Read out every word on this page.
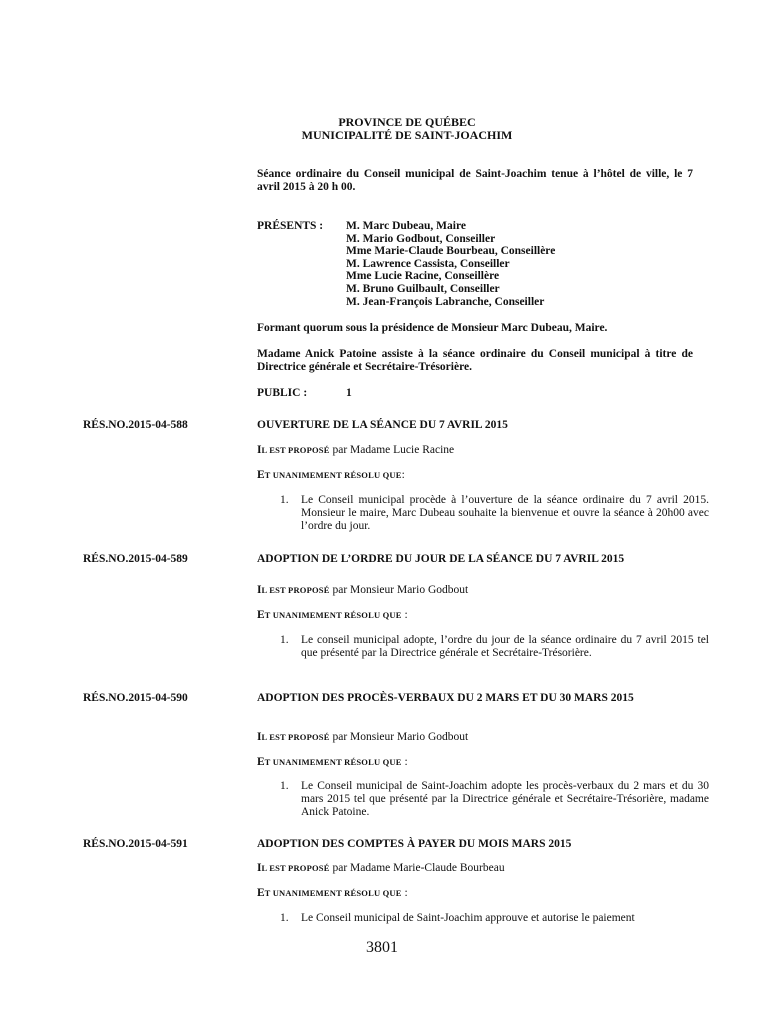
PROVINCE DE QUÉBEC
MUNICIPALITÉ DE SAINT-JOACHIM
Séance ordinaire du Conseil municipal de Saint-Joachim tenue à l’hôtel de ville, le 7 avril 2015 à 20 h 00.
PRÉSENTS : M. Marc Dubeau, Maire
M. Mario Godbout, Conseiller
Mme Marie-Claude Bourbeau, Conseillère
M. Lawrence Cassista, Conseiller
Mme Lucie Racine, Conseillère
M. Bruno Guilbault, Conseiller
M. Jean-François Labranche, Conseiller
Formant quorum sous la présidence de Monsieur Marc Dubeau, Maire.
Madame Anick Patoine assiste à la séance ordinaire du Conseil municipal à titre de Directrice générale et Secrétaire-Trésorière.
PUBLIC :	1
RÉS.NO.2015-04-588	OUVERTURE DE LA SÉANCE DU 7 AVRIL 2015
IL EST PROPOSÉ par Madame Lucie Racine
ET UNANIMEMENT RÉSOLU QUE:
1. Le Conseil municipal procède à l’ouverture de la séance ordinaire du 7 avril 2015. Monsieur le maire, Marc Dubeau souhaite la bienvenue et ouvre la séance à 20h00 avec l’ordre du jour.
RÉS.NO.2015-04-589	ADOPTION DE L’ORDRE DU JOUR DE LA SÉANCE DU 7 AVRIL 2015
IL EST PROPOSÉ par Monsieur Mario Godbout
ET UNANIMEMENT RÉSOLU QUE :
1. Le conseil municipal adopte, l’ordre du jour de la séance ordinaire du 7 avril 2015 tel que présenté par la Directrice générale et Secrétaire-Trésorière.
RÉS.NO.2015-04-590	ADOPTION DES PROCÈS-VERBAUX DU 2 MARS ET DU 30 MARS 2015
IL EST PROPOSÉ par Monsieur Mario Godbout
ET UNANIMEMENT RÉSOLU QUE :
1. Le Conseil municipal de Saint-Joachim adopte les procès-verbaux du 2 mars et du 30 mars 2015 tel que présenté par la Directrice générale et Secrétaire-Trésorière, madame Anick Patoine.
RÉS.NO.2015-04-591	ADOPTION DES COMPTES À PAYER DU MOIS MARS 2015
IL EST PROPOSÉ par Madame Marie-Claude Bourbeau
ET UNANIMEMENT RÉSOLU QUE :
1. Le Conseil municipal de Saint-Joachim approuve et autorise le paiement
3801
